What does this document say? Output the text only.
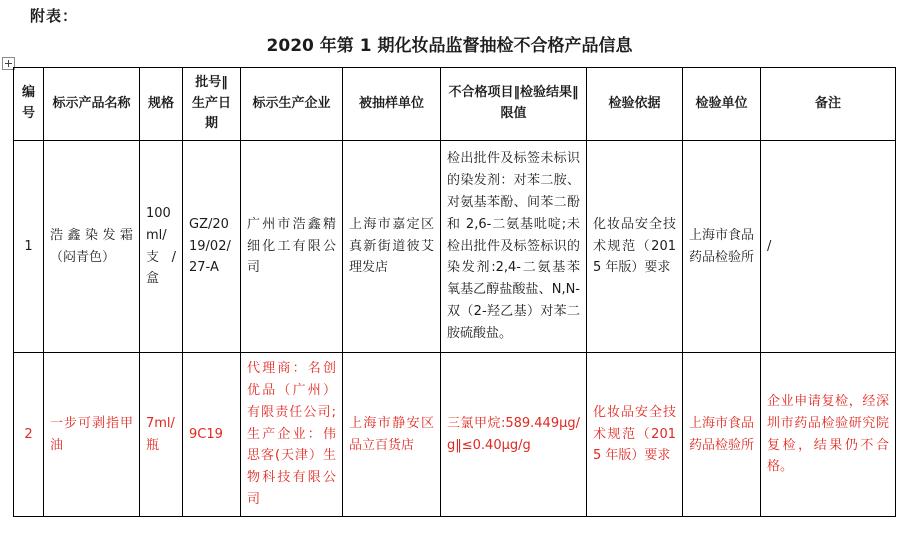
附表：
2020 年第 1 期化妆品监督抽检不合格产品信息
编号	标示产品名称	规格	批号‖生产日期	标示生产企业	被抽样单位	不合格项目‖检验结果‖限值	检验依据	检验单位	备注
1	浩鑫染发霜（闷青色）	100ml/支/盒	GZ/2019/02/27-A	广州市浩鑫精细化工有限公司	上海市嘉定区真新街道彼艾理发店	检出批件及标签未标识的染发剂：对苯二胺、对氨基苯酚、间苯二酚和 2,6-二氨基吡啶;未检出批件及标签标识的染发剂:2,4-二氨基苯氧基乙醇盐酸盐、N,N-双（2-羟乙基）对苯二胺硫酸盐。	化妆品安全技术规范（2015 年版）要求	上海市食品药品检验所	/
2	一步可剥指甲油	7ml/瓶	9C19	代理商：名创优品（广州）有限责任公司;生产企业：伟思客(天津）生物科技有限公司	上海市静安区品立百货店	三氯甲烷:589.449μg/g‖≤0.40μg/g	化妆品安全技术规范（2015 年版）要求	上海市食品药品检验所	企业申请复检，经深圳市药品检验研究院复检，结果仍不合格。
